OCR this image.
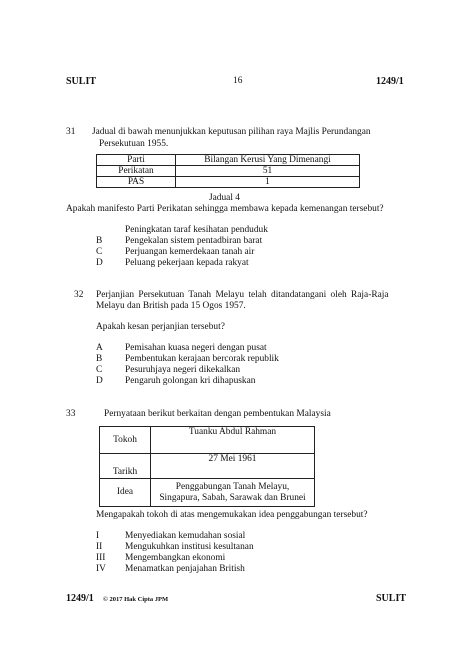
SULIT	16	1249/1
31 Jadual di bawah menunjukkan keputusan pilihan raya Majlis Perundangan
Persekutuan 1955.
Parti	Bilangan Kerusi Yang Dimenangi
Perikatan	51
PAS	1
Jadual 4
Apakah manifesto Parti Perikatan sehingga membawa kepada kemenangan tersebut?
Peningkatan taraf kesihatan penduduk
B Pengekalan sistem pentadbiran barat
C Perjuangan kemerdekaan tanah air
D Peluang pekerjaan kepada rakyat
32 Perjanjian Persekutuan Tanah Melayu telah ditandatangani oleh Raja-Raja
Melayu dan British pada 15 Ogos 1957.
Apakah kesan perjanjian tersebut?
A Pemisahan kuasa negeri dengan pusat
B Pembentukan kerajaan bercorak republik
C Pesuruhjaya negeri dikekalkan
D Pengaruh golongan kri dihapuskan
33	Pernyataan berikut berkaitan dengan pembentukan Malaysia
Tokoh	Tuanku Abdul Rahman
Tarikh	27 Mei 1961
Idea	Penggabungan Tanah Melayu,
Singapura, Sabah, Sarawak dan Brunei
Mengapakah tokoh di atas mengemukakan idea penggabungan tersebut?
I	Menyediakan kemudahan sosial
II Mengukuhkan institusi kesultanan
III Mengembangkan ekonomi
IV Menamatkan penjajahan British
1249/1 © 2017 Hak Cipta JPM	SULIT
